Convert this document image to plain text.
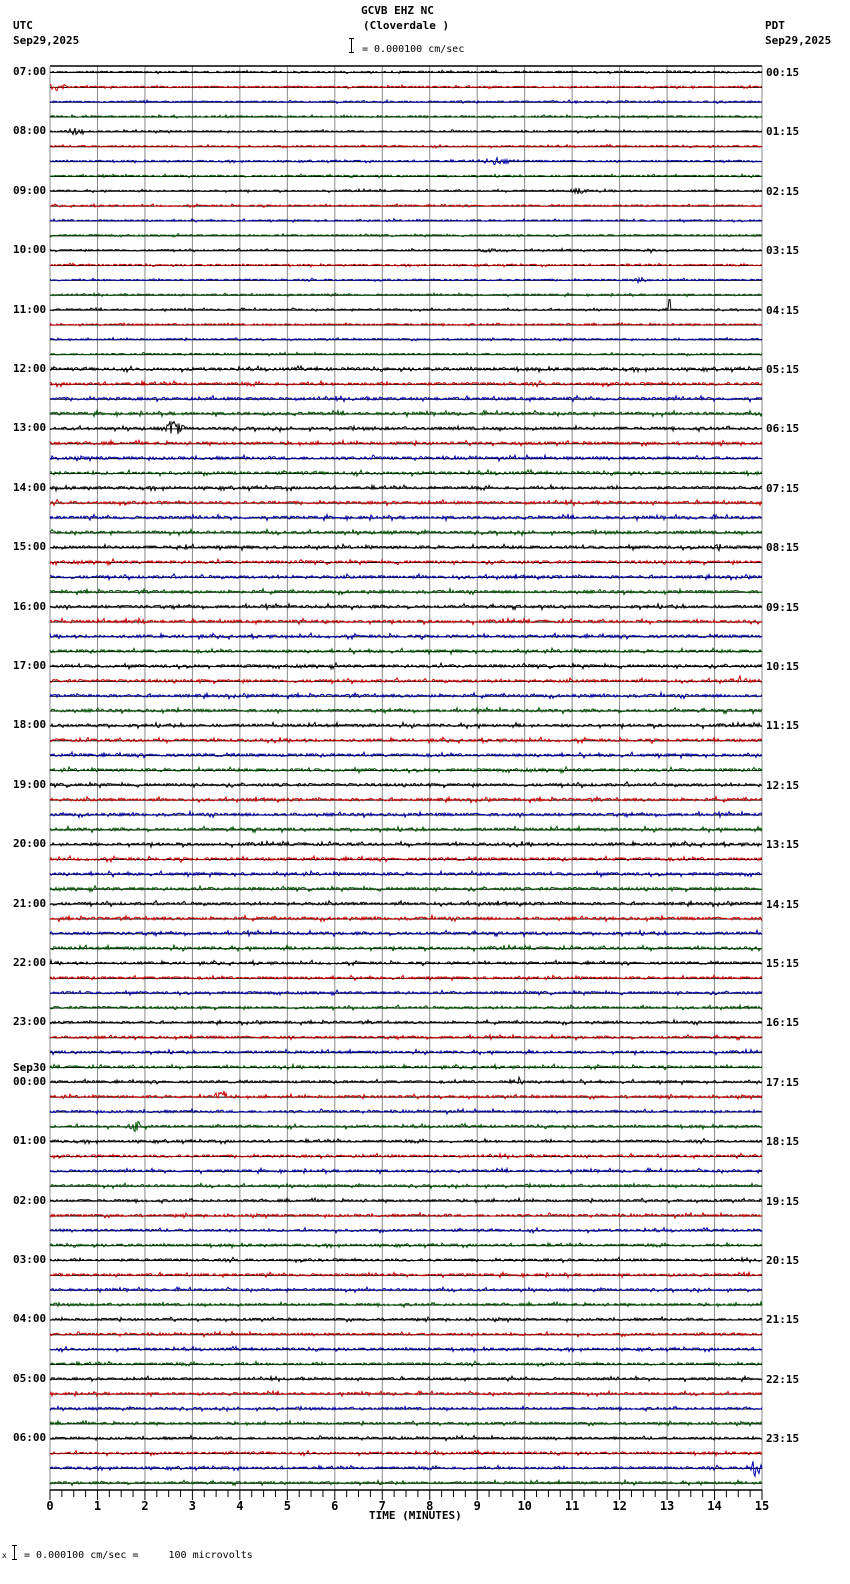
GCVB EHZ NC
(Cloverdale )
UTC
Sep29,2025
PDT
Sep29,2025
= 0.000100 cm/sec
0	1	2	3	4	5	6	7	8	9	10	11	12	13	14	15
07:00
08:00
09:00
10:00
11:00
12:00
13:00
14:00
15:00
16:00
17:00
18:00
19:00
20:00
21:00
22:00
23:00
00:00
Sep30
01:00
02:00
03:00
04:00
05:00
06:00
00:15
01:15
02:15
03:15
04:15
05:15
06:15
07:15
08:15
09:15
10:15
11:15
12:15
13:15
14:15
15:15
16:15
17:15
18:15
19:15
20:15
21:15
22:15
23:15
x = 0.000100 cm/sec =     100 microvolts
TIME (MINUTES)
